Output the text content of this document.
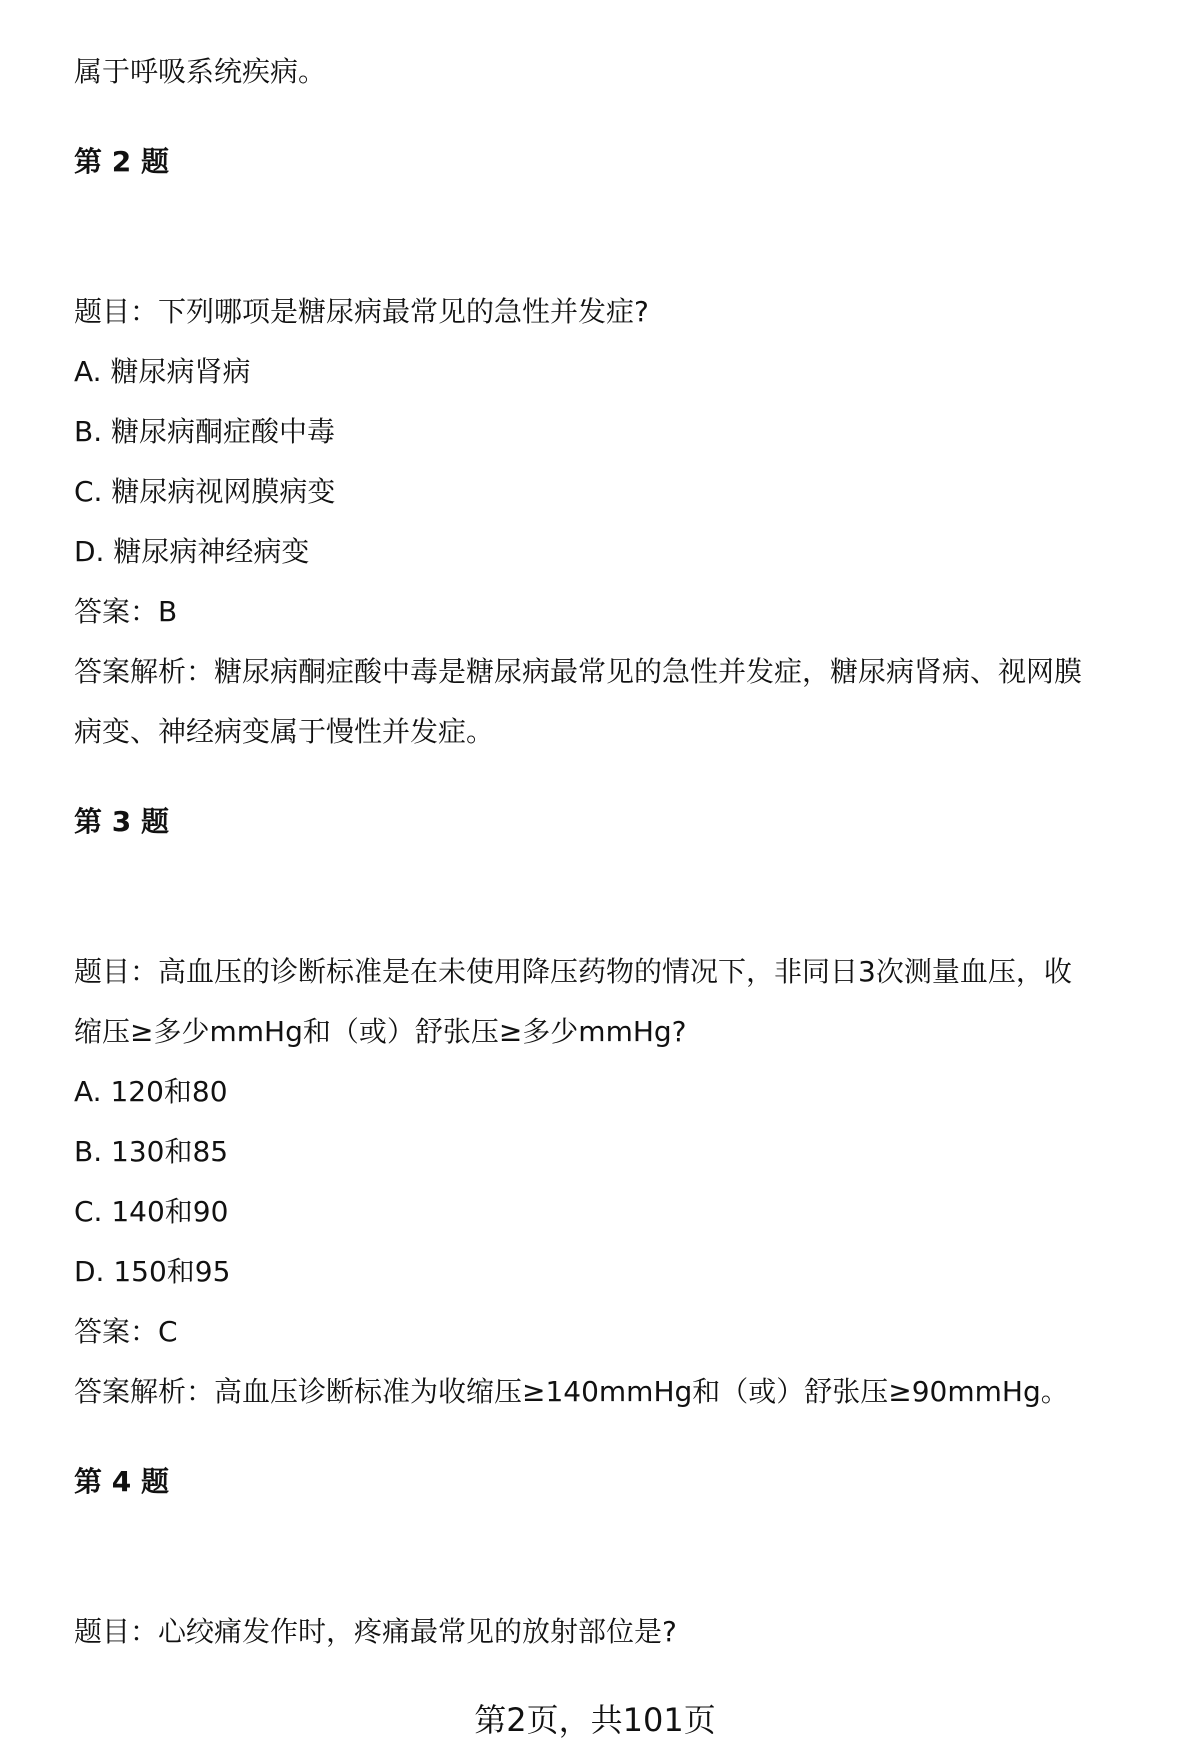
属于呼吸系统疾病。
第 2 题
题目：下列哪项是糖尿病最常见的急性并发症?
A. 糖尿病肾病
B. 糖尿病酮症酸中毒
C. 糖尿病视网膜病变
D. 糖尿病神经病变
答案：B
答案解析：糖尿病酮症酸中毒是糖尿病最常见的急性并发症，糖尿病肾病、视网膜
病变、神经病变属于慢性并发症。
第 3 题
题目：高血压的诊断标准是在未使用降压药物的情况下，非同日3次测量血压，收
缩压≥多少mmHg和（或）舒张压≥多少mmHg?
A. 120和80
B. 130和85
C. 140和90
D. 150和95
答案：C
答案解析：高血压诊断标准为收缩压≥140mmHg和（或）舒张压≥90mmHg。
第 4 题
题目：心绞痛发作时，疼痛最常见的放射部位是?
第2页，共101页
